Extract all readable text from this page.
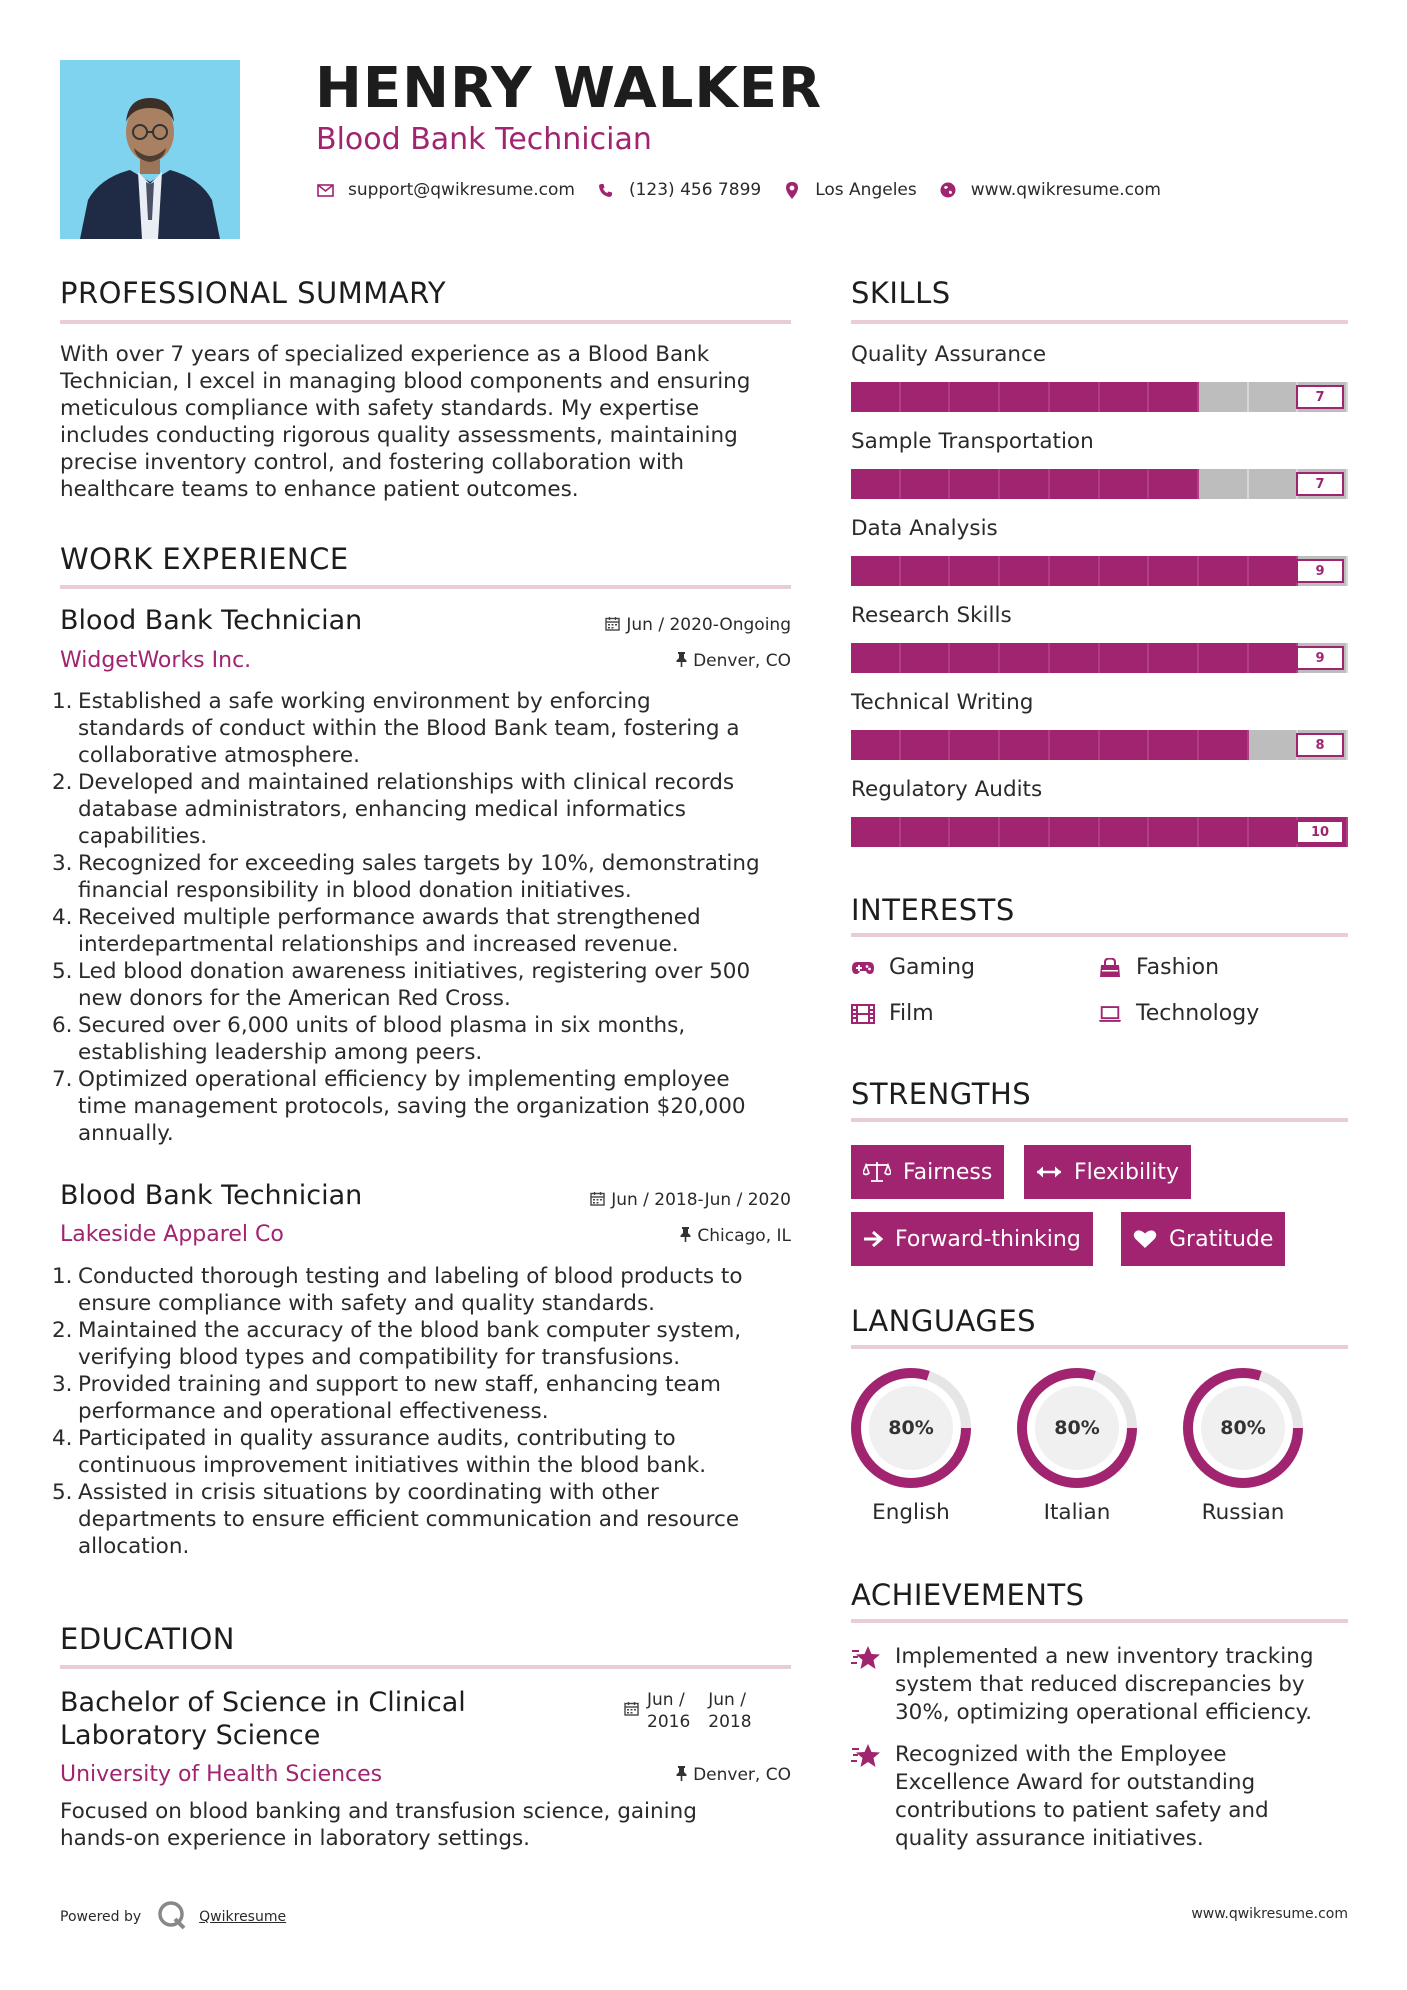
HENRY WALKER
Blood Bank Technician
support@qwikresume.com	(123) 456 7899	Los Angeles	www.qwikresume.com
PROFESSIONAL SUMMARY
With over 7 years of specialized experience as a Blood Bank
Technician, I excel in managing blood components and ensuring
meticulous compliance with safety standards. My expertise
includes conducting rigorous quality assessments, maintaining
precise inventory control, and fostering collaboration with
healthcare teams to enhance patient outcomes.
WORK EXPERIENCE
Blood Bank Technician	Jun / 2020-Ongoing
WidgetWorks Inc.	Denver, CO
1. Established a safe working environment by enforcing
standards of conduct within the Blood Bank team, fostering a
collaborative atmosphere.
2. Developed and maintained relationships with clinical records
database administrators, enhancing medical informatics
capabilities.
3. Recognized for exceeding sales targets by 10%, demonstrating
financial responsibility in blood donation initiatives.
4. Received multiple performance awards that strengthened
interdepartmental relationships and increased revenue.
5. Led blood donation awareness initiatives, registering over 500
new donors for the American Red Cross.
6. Secured over 6,000 units of blood plasma in six months,
establishing leadership among peers.
7. Optimized operational efficiency by implementing employee
time management protocols, saving the organization $20,000
annually.
Blood Bank Technician	Jun / 2018-Jun / 2020
Lakeside Apparel Co	Chicago, IL
1. Conducted thorough testing and labeling of blood products to
ensure compliance with safety and quality standards.
2. Maintained the accuracy of the blood bank computer system,
verifying blood types and compatibility for transfusions.
3. Provided training and support to new staff, enhancing team
performance and operational effectiveness.
4. Participated in quality assurance audits, contributing to
continuous improvement initiatives within the blood bank.
5. Assisted in crisis situations by coordinating with other
departments to ensure efficient communication and resource
allocation.
EDUCATION
Bachelor of Science in Clinical
Laboratory Science
Jun /
2016
Jun /
2018
University of Health Sciences	Denver, CO
Focused on blood banking and transfusion science, gaining
hands-on experience in laboratory settings.
SKILLS
Quality Assurance
7
Sample Transportation
7
Data Analysis
9
Research Skills
9
Technical Writing
8
Regulatory Audits
10
INTERESTS
Gaming	Fashion
Film	Technology
STRENGTHS
Fairness	Flexibility
Forward-thinking	Gratitude
LANGUAGES
80%
English
80%
Italian
80%
Russian
ACHIEVEMENTS
Implemented a new inventory tracking
system that reduced discrepancies by
30%, optimizing operational efficiency.
Recognized with the Employee
Excellence Award for outstanding
contributions to patient safety and
quality assurance initiatives.
Powered by	Qwikresume	www.qwikresume.com
